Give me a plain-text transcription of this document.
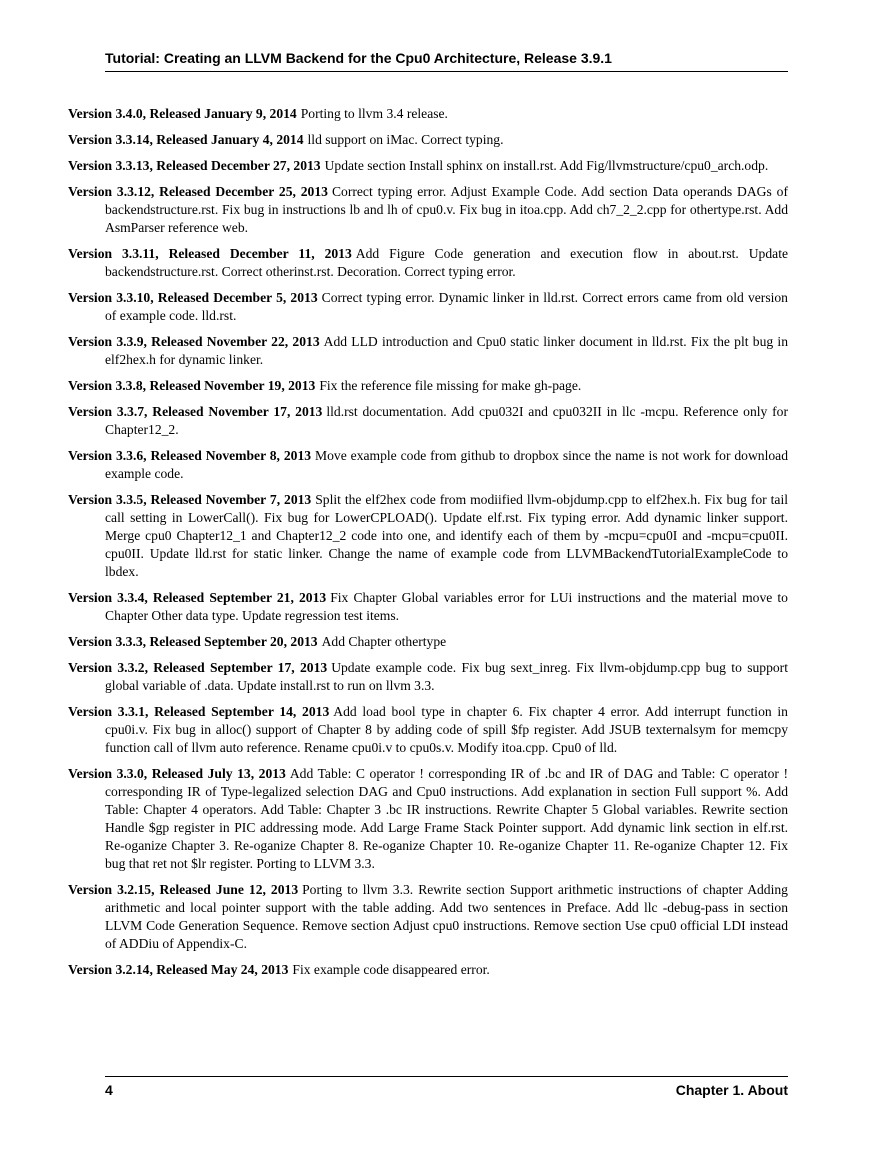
Tutorial: Creating an LLVM Backend for the Cpu0 Architecture, Release 3.9.1

Version 3.4.0, Released January 9, 2014 Porting to llvm 3.4 release.

Version 3.3.14, Released January 4, 2014 lld support on iMac. Correct typing.

Version 3.3.13, Released December 27, 2013 Update section Install sphinx on install.rst. Add Fig/llvmstructure/cpu0_arch.odp.

Version 3.3.12, Released December 25, 2013 Correct typing error. Adjust Example Code. Add section Data operands DAGs of backendstructure.rst. Fix bug in instructions lb and lh of cpu0.v. Fix bug in itoa.cpp. Add ch7_2_2.cpp for othertype.rst. Add AsmParser reference web.

Version 3.3.11, Released December 11, 2013 Add Figure Code generation and execution flow in about.rst. Update backendstructure.rst. Correct otherinst.rst. Decoration. Correct typing error.

Version 3.3.10, Released December 5, 2013 Correct typing error. Dynamic linker in lld.rst. Correct errors came from old version of example code. lld.rst.

Version 3.3.9, Released November 22, 2013 Add LLD introduction and Cpu0 static linker document in lld.rst. Fix the plt bug in elf2hex.h for dynamic linker.

Version 3.3.8, Released November 19, 2013 Fix the reference file missing for make gh-page.

Version 3.3.7, Released November 17, 2013 lld.rst documentation. Add cpu032I and cpu032II in llc -mcpu. Reference only for Chapter12_2.

Version 3.3.6, Released November 8, 2013 Move example code from github to dropbox since the name is not work for download example code.

Version 3.3.5, Released November 7, 2013 Split the elf2hex code from modiified llvm-objdump.cpp to elf2hex.h. Fix bug for tail call setting in LowerCall(). Fix bug for LowerCPLOAD(). Update elf.rst. Fix typing error. Add dynamic linker support. Merge cpu0 Chapter12_1 and Chapter12_2 code into one, and identify each of them by -mcpu=cpu0I and -mcpu=cpu0II. cpu0II. Update lld.rst for static linker. Change the name of example code from LLVMBackendTutorialExampleCode to lbdex.

Version 3.3.4, Released September 21, 2013 Fix Chapter Global variables error for LUi instructions and the material move to Chapter Other data type. Update regression test items.

Version 3.3.3, Released September 20, 2013 Add Chapter othertype

Version 3.3.2, Released September 17, 2013 Update example code. Fix bug sext_inreg. Fix llvm-objdump.cpp bug to support global variable of .data. Update install.rst to run on llvm 3.3.

Version 3.3.1, Released September 14, 2013 Add load bool type in chapter 6. Fix chapter 4 error. Add interrupt function in cpu0i.v. Fix bug in alloc() support of Chapter 8 by adding code of spill $fp register. Add JSUB texternalsym for memcpy function call of llvm auto reference. Rename cpu0i.v to cpu0s.v. Modify itoa.cpp. Cpu0 of lld.

Version 3.3.0, Released July 13, 2013 Add Table: C operator ! corresponding IR of .bc and IR of DAG and Table: C operator ! corresponding IR of Type-legalized selection DAG and Cpu0 instructions. Add explanation in section Full support %. Add Table: Chapter 4 operators. Add Table: Chapter 3 .bc IR instructions. Rewrite Chapter 5 Global variables. Rewrite section Handle $gp register in PIC addressing mode. Add Large Frame Stack Pointer support. Add dynamic link section in elf.rst. Re-oganize Chapter 3. Re-oganize Chapter 8. Re-oganize Chapter 10. Re-oganize Chapter 11. Re-oganize Chapter 12. Fix bug that ret not $lr register. Porting to LLVM 3.3.

Version 3.2.15, Released June 12, 2013 Porting to llvm 3.3. Rewrite section Support arithmetic instructions of chapter Adding arithmetic and local pointer support with the table adding. Add two sentences in Preface. Add llc -debug-pass in section LLVM Code Generation Sequence. Remove section Adjust cpu0 instructions. Remove section Use cpu0 official LDI instead of ADDiu of Appendix-C.

Version 3.2.14, Released May 24, 2013 Fix example code disappeared error.

4	Chapter 1. About
